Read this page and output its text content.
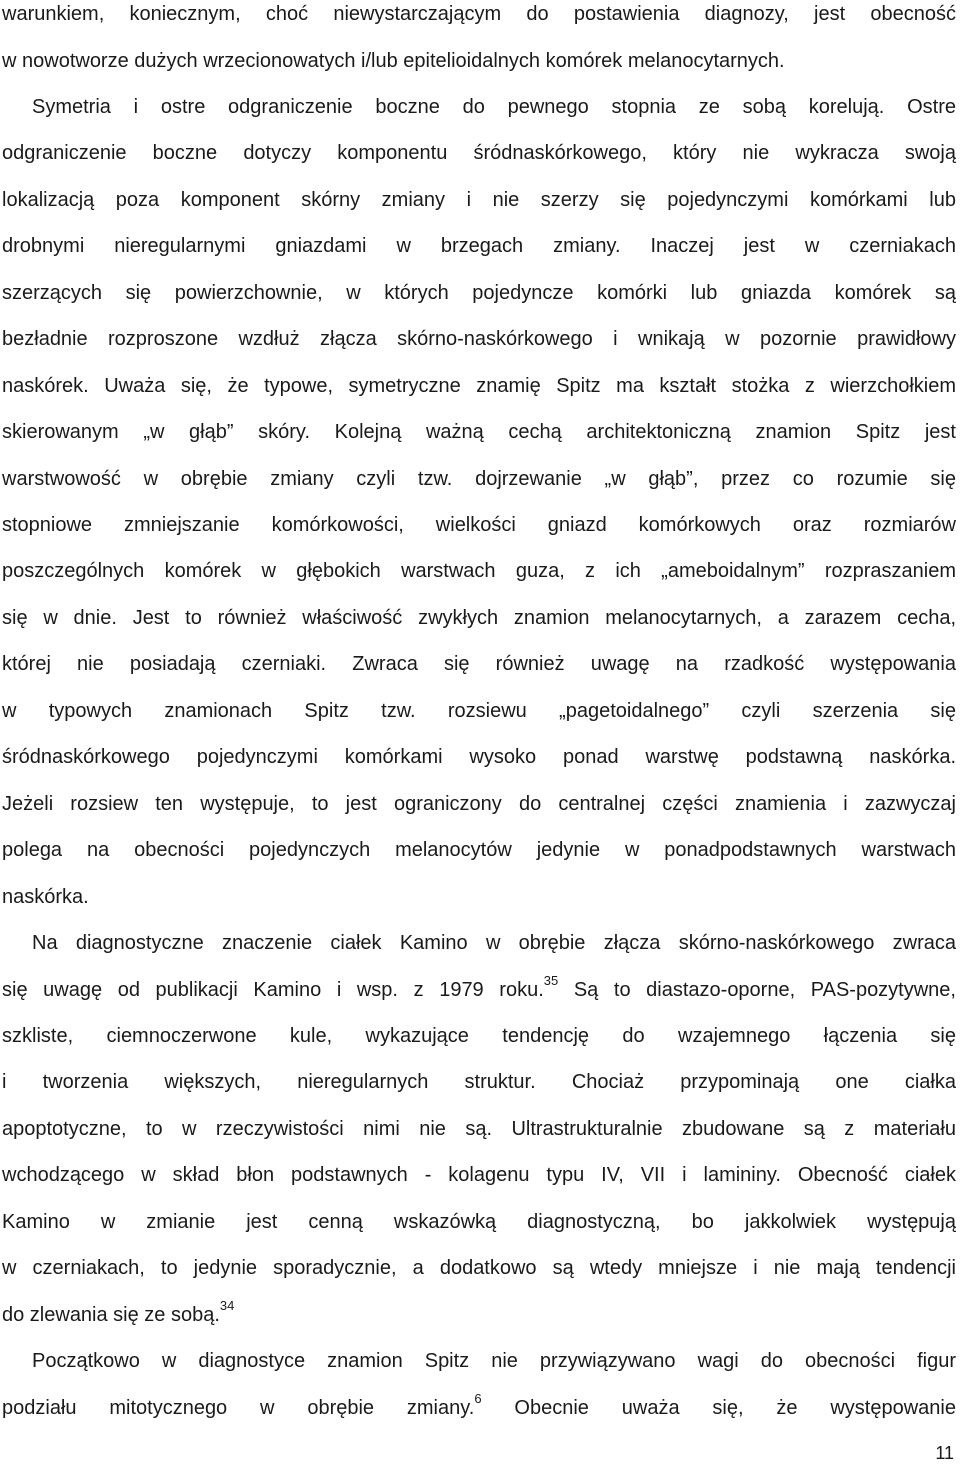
warunkiem, koniecznym, choć niewystarczającym do postawienia diagnozy, jest obecność
w nowotworze dużych wrzecionowatych i/lub epitelioidalnych komórek melanocytarnych.
Symetria i ostre odgraniczenie boczne do pewnego stopnia ze sobą korelują. Ostre
odgraniczenie boczne dotyczy komponentu śródnaskórkowego, który nie wykracza swoją
lokalizacją poza komponent skórny zmiany i nie szerzy się pojedynczymi komórkami lub
drobnymi nieregularnymi gniazdami w brzegach zmiany. Inaczej jest w czerniakach
szerzących się powierzchownie, w których pojedyncze komórki lub gniazda komórek są
bezładnie rozproszone wzdłuż złącza skórno-naskórkowego i wnikają w pozornie prawidłowy
naskórek. Uważa się, że typowe, symetryczne znamię Spitz ma kształt stożka z wierzchołkiem
skierowanym „w głąb” skóry. Kolejną ważną cechą architektoniczną znamion Spitz jest
warstwowość w obrębie zmiany czyli tzw. dojrzewanie „w głąb”, przez co rozumie się
stopniowe zmniejszanie komórkowości, wielkości gniazd komórkowych oraz rozmiarów
poszczególnych komórek w głębokich warstwach guza, z ich „ameboidalnym” rozpraszaniem
się w dnie. Jest to również właściwość zwykłych znamion melanocytarnych, a zarazem cecha,
której nie posiadają czerniaki. Zwraca się również uwagę na rzadkość występowania
w typowych znamionach Spitz tzw. rozsiewu „pagetoidalnego” czyli szerzenia się
śródnaskórkowego pojedynczymi komórkami wysoko ponad warstwę podstawną naskórka.
Jeżeli rozsiew ten występuje, to jest ograniczony do centralnej części znamienia i zazwyczaj
polega na obecności pojedynczych melanocytów jedynie w ponadpodstawnych warstwach
naskórka.
Na diagnostyczne znaczenie ciałek Kamino w obrębie złącza skórno-naskórkowego zwraca
się uwagę od publikacji Kamino i wsp. z 1979 roku.$^{35}$ Są to diastazo-oporne, PAS-pozytywne,
szkliste, ciemnoczerwone kule, wykazujące tendencję do wzajemnego łączenia się
i tworzenia większych, nieregularnych struktur. Chociaż przypominają one ciałka
apoptotyczne, to w rzeczywistości nimi nie są. Ultrastrukturalnie zbudowane są z materiału
wchodzącego w skład błon podstawnych - kolagenu typu IV, VII i lamininy. Obecność ciałek
Kamino w zmianie jest cenną wskazówką diagnostyczną, bo jakkolwiek występują
w czerniakach, to jedynie sporadycznie, a dodatkowo są wtedy mniejsze i nie mają tendencji
do zlewania się ze sobą.$^{34}$
Początkowo w diagnostyce znamion Spitz nie przywiązywano wagi do obecności figur
podziału mitotycznego w obrębie zmiany.$^6$ Obecnie uważa się, że występowanie
11
